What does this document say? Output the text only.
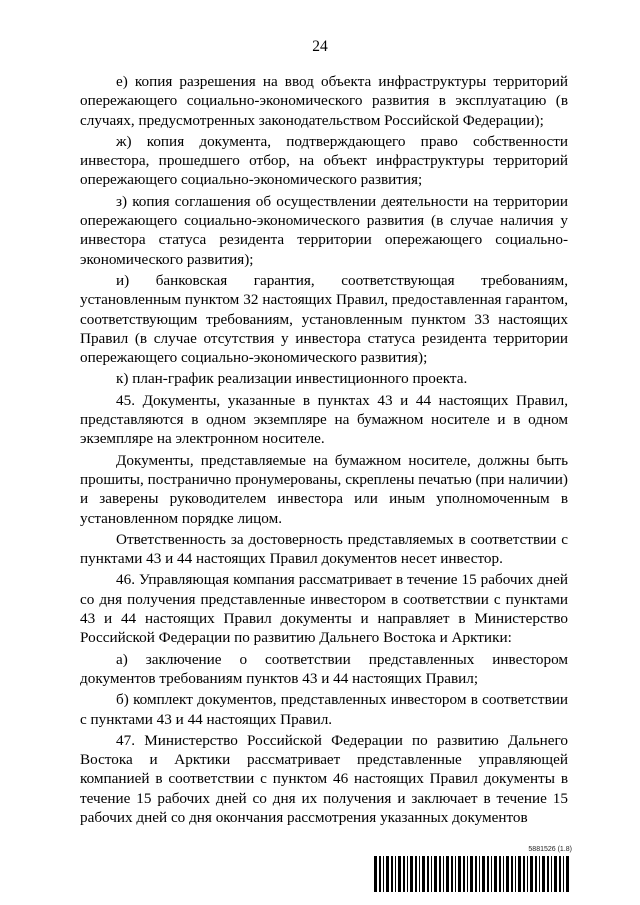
24

е) копия разрешения на ввод объекта инфраструктуры территорий опережающего социально-экономического развития в эксплуатацию (в случаях, предусмотренных законодательством Российской Федерации);

ж) копия документа, подтверждающего право собственности инвестора, прошедшего отбор, на объект инфраструктуры территорий опережающего социально-экономического развития;

з) копия соглашения об осуществлении деятельности на территории опережающего социально-экономического развития (в случае наличия у инвестора статуса резидента территории опережающего социально-экономического развития);

и) банковская гарантия, соответствующая требованиям, установленным пунктом 32 настоящих Правил, предоставленная гарантом, соответствующим требованиям, установленным пунктом 33 настоящих Правил (в случае отсутствия у инвестора статуса резидента территории опережающего социально-экономического развития);

к) план-график реализации инвестиционного проекта.

45. Документы, указанные в пунктах 43 и 44 настоящих Правил, представляются в одном экземпляре на бумажном носителе и в одном экземпляре на электронном носителе.

Документы, представляемые на бумажном носителе, должны быть прошиты, постранично пронумерованы, скреплены печатью (при наличии) и заверены руководителем инвестора или иным уполномоченным в установленном порядке лицом.

Ответственность за достоверность представляемых в соответствии с пунктами 43 и 44 настоящих Правил документов несет инвестор.

46. Управляющая компания рассматривает в течение 15 рабочих дней со дня получения представленные инвестором в соответствии с пунктами 43 и 44 настоящих Правил документы и направляет в Министерство Российской Федерации по развитию Дальнего Востока и Арктики:

а) заключение о соответствии представленных инвестором документов требованиям пунктов 43 и 44 настоящих Правил;

б) комплект документов, представленных инвестором в соответствии с пунктами 43 и 44 настоящих Правил.

47. Министерство Российской Федерации по развитию Дальнего Востока и Арктики рассматривает представленные управляющей компанией в соответствии с пунктом 46 настоящих Правил документы в течение 15 рабочих дней со дня их получения и заключает в течение 15 рабочих дней со дня окончания рассмотрения указанных документов

5881526 (1.8)
